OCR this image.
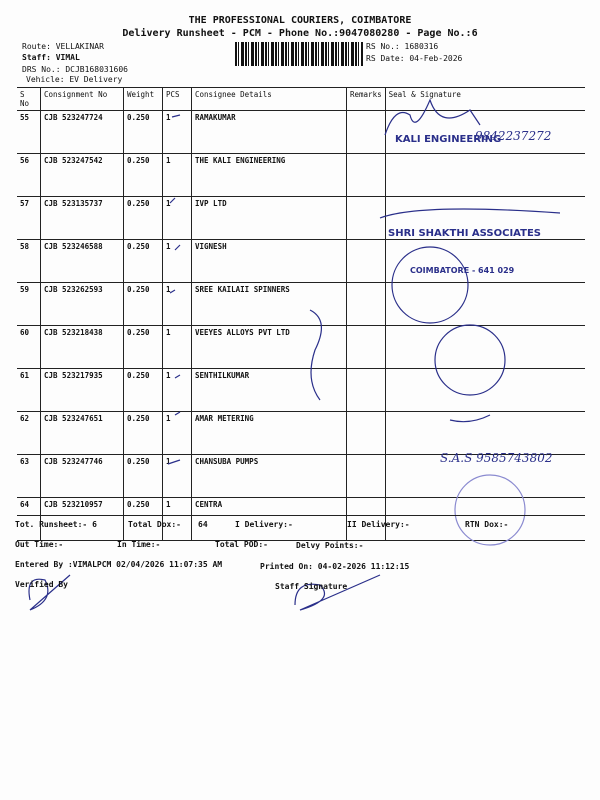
THE PROFESSIONAL COURIERS, COIMBATORE
Delivery Runsheet - PCM - Phone No.:9047080280 - Page No.:6
Route: VELLAKINAR
Staff: VIMAL
DRS No.: DCJB168031606
Vehicle: EV Delivery
RS No.: 1680316
RS Date: 04-Feb-2026
S No	Consignment No	Weight	PCS	Consignee Details	Remarks	Seal & Signature
55	CJB 523247724	0.250	1	RAMAKUMAR		
56	CJB 523247542	0.250	1	THE KALI ENGINEERING		
57	CJB 523135737	0.250	1	IVP LTD		
58	CJB 523246588	0.250	1	VIGNESH		
59	CJB 523262593	0.250	1	SREE KAILAII SPINNERS		
60	CJB 523218438	0.250	1	VEEYES ALLOYS PVT LTD		
61	CJB 523217935	0.250	1	SENTHILKUMAR		
62	CJB 523247651	0.250	1	AMAR METERING		
63	CJB 523247746	0.250	1	CHANSUBA PUMPS		
64	CJB 523210957	0.250	1	CENTRA		
KALI ENGINEERING
SHRI SHAKTHI ASSOCIATES
COIMBATORE - 641 029
9842237272
S.A.S 9585743802
Tot. Runsheet:- 6	Total Dox:- 64	I Delivery:-	II Delivery:-	RTN Dox:-
Out Time:-	In Time:-	Total POD:-	Delvy Points:-
Entered By :VIMALPCM 02/04/2026 11:07:35 AM	Printed On: 04-02-2026 11:12:15
Verified By	Staff Signature
